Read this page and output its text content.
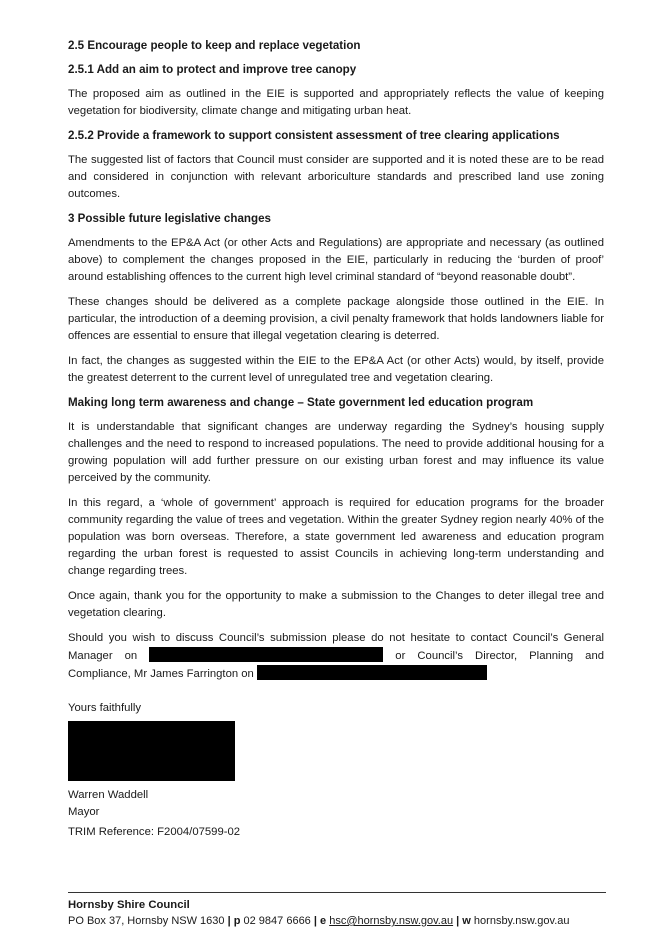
2.5 Encourage people to keep and replace vegetation
2.5.1 Add an aim to protect and improve tree canopy

The proposed aim as outlined in the EIE is supported and appropriately reflects the value of keeping vegetation for biodiversity, climate change and mitigating urban heat.

2.5.2 Provide a framework to support consistent assessment of tree clearing applications

The suggested list of factors that Council must consider are supported and it is noted these are to be read and considered in conjunction with relevant arboriculture standards and prescribed land use zoning outcomes.

3 Possible future legislative changes

Amendments to the EP&A Act (or other Acts and Regulations) are appropriate and necessary (as outlined above) to complement the changes proposed in the EIE, particularly in reducing the ‘burden of proof’ around establishing offences to the current high level criminal standard of “beyond reasonable doubt”.

These changes should be delivered as a complete package alongside those outlined in the EIE. In particular, the introduction of a deeming provision, a civil penalty framework that holds landowners liable for offences are essential to ensure that illegal vegetation clearing is deterred.

In fact, the changes as suggested within the EIE to the EP&A Act (or other Acts) would, by itself, provide the greatest deterrent to the current level of unregulated tree and vegetation clearing.

Making long term awareness and change – State government led education program

It is understandable that significant changes are underway regarding the Sydney’s housing supply challenges and the need to respond to increased populations. The need to provide additional housing for a growing population will add further pressure on our existing urban forest and may influence its value perceived by the community.

In this regard, a ‘whole of government’ approach is required for education programs for the broader community regarding the value of trees and vegetation. Within the greater Sydney region nearly 40% of the population was born overseas. Therefore, a state government led awareness and education program regarding the urban forest is requested to assist Councils in achieving long-term understanding and change regarding trees.

Once again, thank you for the opportunity to make a submission to the Changes to deter illegal tree and vegetation clearing.

Should you wish to discuss Council’s submission please do not hesitate to contact Council’s General Manager on	or Council’s Director, Planning and Compliance, Mr James Farrington on

Yours faithfully

Warren Waddell

Mayor

TRIM Reference: F2004/07599-02
Hornsby Shire Council
PO Box 37, Hornsby NSW 1630 | p 02 9847 6666 | e hsc@hornsby.nsw.gov.au | w hornsby.nsw.gov.au
